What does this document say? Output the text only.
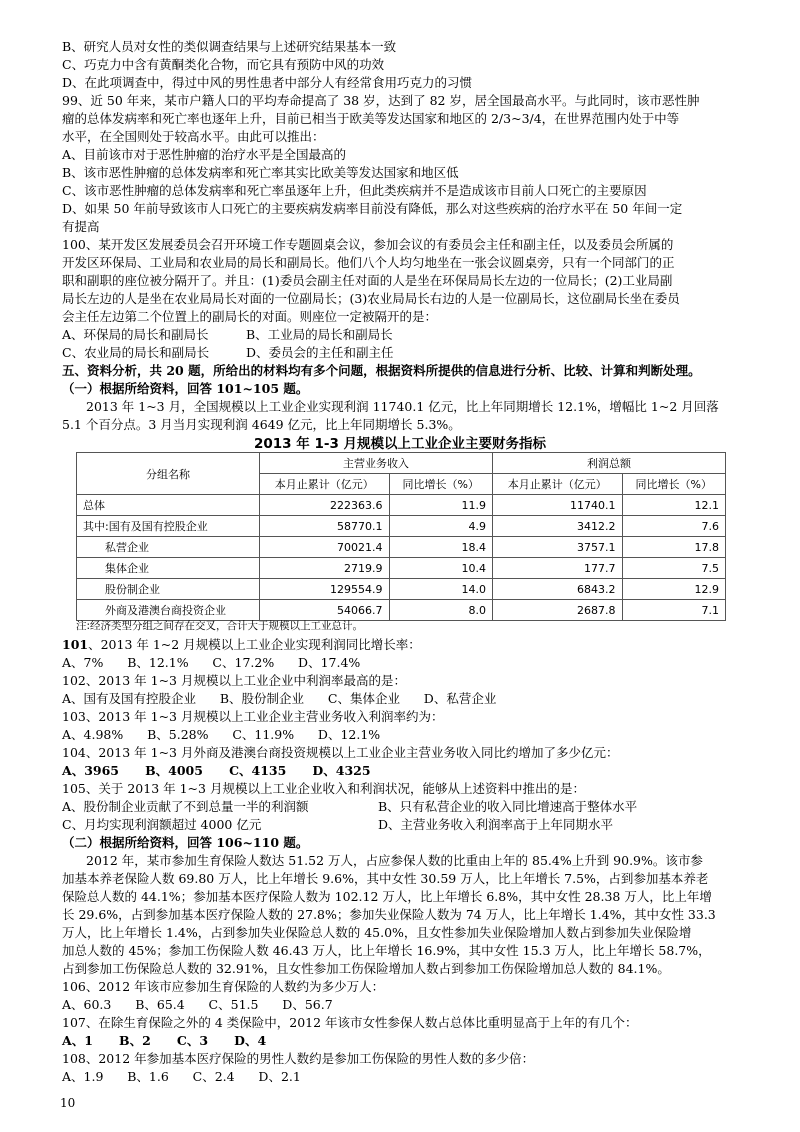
B、研究人员对女性的类似调查结果与上述研究结果基本一致
C、巧克力中含有黄酮类化合物，而它具有预防中风的功效
D、在此项调查中，得过中风的男性患者中部分人有经常食用巧克力的习惯
99、近 50 年来，某市户籍人口的平均寿命提高了 38 岁，达到了 82 岁，居全国最高水平。与此同时，该市恶性肿
瘤的总体发病率和死亡率也逐年上升，目前已相当于欧美等发达国家和地区的 2/3~3/4，在世界范围内处于中等
水平，在全国则处于较高水平。由此可以推出：
A、目前该市对于恶性肿瘤的治疗水平是全国最高的
B、该市恶性肿瘤的总体发病率和死亡率其实比欧美等发达国家和地区低
C、该市恶性肿瘤的总体发病率和死亡率虽逐年上升，但此类疾病并不是造成该市目前人口死亡的主要原因
D、如果 50 年前导致该市人口死亡的主要疾病发病率目前没有降低，那么对这些疾病的治疗水平在 50 年间一定
有提高
100、某开发区发展委员会召开环境工作专题圆桌会议，参加会议的有委员会主任和副主任，以及委员会所属的
开发区环保局、工业局和农业局的局长和副局长。他们八个人均匀地坐在一张会议圆桌旁，只有一个同部门的正
职和副职的座位被分隔开了。并且：(1)委员会副主任对面的人是坐在环保局局长左边的一位局长；(2)工业局副
局长左边的人是坐在农业局局长对面的一位副局长；(3)农业局局长右边的人是一位副局长，这位副局长坐在委员
会主任左边第二个位置上的副局长的对面。则座位一定被隔开的是：
A、环保局的局长和副局长	B、工业局的局长和副局长
C、农业局的局长和副局长	D、委员会的主任和副主任
五、资料分析，共 20 题，所给出的材料均有多个问题，根据资料所提供的信息进行分析、比较、计算和判断处理。
（一）根据所给资料，回答 101~105 题。
2013 年 1~3 月，全国规模以上工业企业实现利润 11740.1 亿元，比上年同期增长 12.1%，增幅比 1~2 月回落
5.1 个百分点。3 月当月实现利润 4649 亿元，比上年同期增长 5.3%。
2013 年 1-3 月规模以上工业企业主要财务指标
分组名称	主营业务收入		利润总额	
	本月止累计（亿元）	同比增长（%）	本月止累计（亿元）	同比增长（%）
总体	222363.6	11.9	11740.1	12.1
其中:国有及国有控股企业	58770.1	4.9	3412.2	7.6
私营企业	70021.4	18.4	3757.1	17.8
集体企业	2719.9	10.4	177.7	7.5
股份制企业	129554.9	14.0	6843.2	12.9
外商及港澳台商投资企业	54066.7	8.0	2687.8	7.1
注:经济类型分组之间存在交叉，合计大于规模以上工业总计。
101、2013 年 1~2 月规模以上工业企业实现利润同比增长率：
A、7%      B、12.1%      C、17.2%      D、17.4%
102、2013 年 1~3 月规模以上工业企业中利润率最高的是：
A、国有及国有控股企业      B、股份制企业      C、集体企业      D、私营企业
103、2013 年 1~3 月规模以上工业企业主营业务收入利润率约为：
A、4.98%      B、5.28%      C、11.9%      D、12.1%
104、2013 年 1~3 月外商及港澳台商投资规模以上工业企业主营业务收入同比约增加了多少亿元：
A、3965      B、4005      C、4135      D、4325
105、关于 2013 年 1~3 月规模以上工业企业收入和利润状况，能够从上述资料中推出的是：
A、股份制企业贡献了不到总量一半的利润额	B、只有私营企业的收入同比增速高于整体水平
C、月均实现利润额超过 4000 亿元	D、主营业务收入利润率高于上年同期水平
（二）根据所给资料，回答 106~110 题。
2012 年，某市参加生育保险人数达 51.52 万人，占应参保人数的比重由上年的 85.4%上升到 90.9%。该市参
加基本养老保险人数 69.80 万人，比上年增长 9.6%，其中女性 30.59 万人，比上年增长 7.5%，占到参加基本养老
保险总人数的 44.1%；参加基本医疗保险人数为 102.12 万人，比上年增长 6.8%，其中女性 28.38 万人，比上年增
长 29.6%，占到参加基本医疗保险人数的 27.8%；参加失业保险人数为 74 万人，比上年增长 1.4%，其中女性 33.3
万人，比上年增长 1.4%，占到参加失业保险总人数的 45.0%，且女性参加失业保险增加人数占到参加失业保险增
加总人数的 45%；参加工伤保险人数 46.43 万人，比上年增长 16.9%，其中女性 15.3 万人，比上年增长 58.7%，
占到参加工伤保险总人数的 32.91%，且女性参加工伤保险增加人数占到参加工伤保险增加总人数的 84.1%。
106、2012 年该市应参加生育保险的人数约为多少万人：
A、60.3      B、65.4      C、51.5      D、56.7
107、在除生育保险之外的 4 类保险中，2012 年该市女性参保人数占总体比重明显高于上年的有几个：
A、1      B、2      C、3      D、4
108、2012 年参加基本医疗保险的男性人数约是参加工伤保险的男性人数的多少倍：
A、1.9      B、1.6      C、2.4      D、2.1
10
